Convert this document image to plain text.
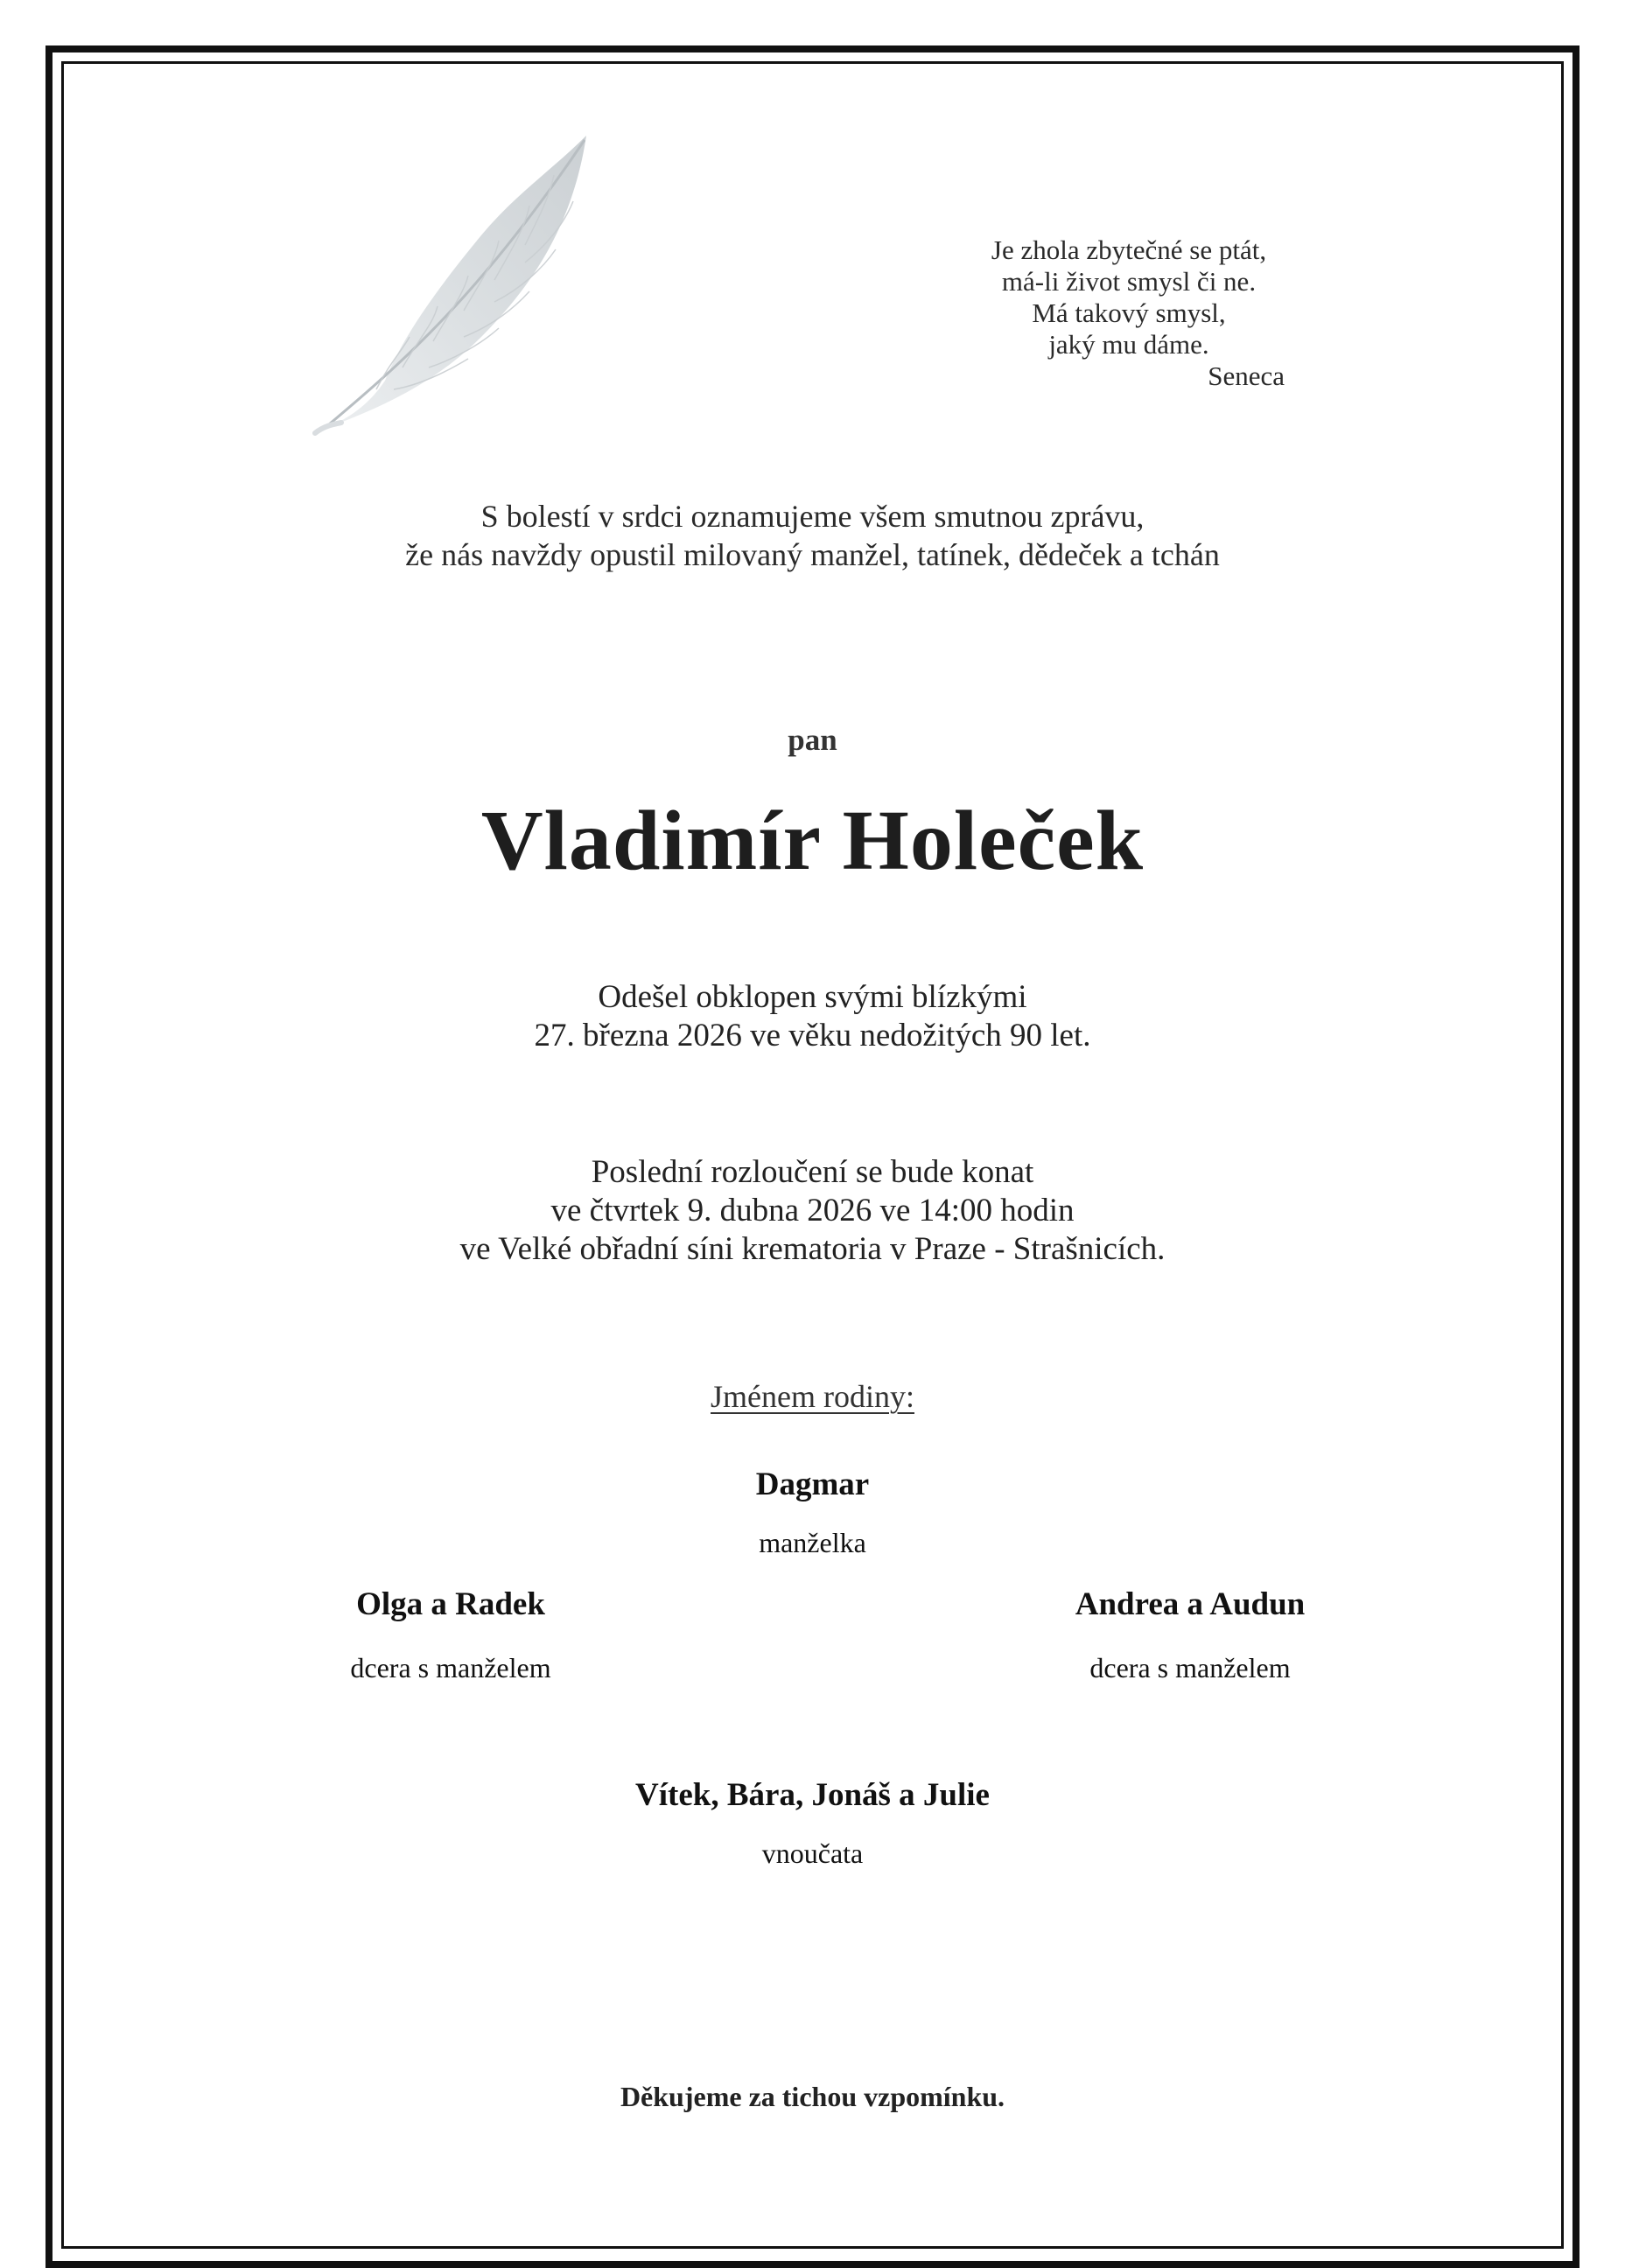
Je zhola zbytečné se ptát,
má-li život smysl či ne.
Má takový smysl,
jaký mu dáme.
Seneca
S bolestí v srdci oznamujeme všem smutnou zprávu,
že nás navždy opustil milovaný manžel, tatínek, dědeček a tchán
pan
Vladimír Holeček
Odešel obklopen svými blízkými
27. března 2026 ve věku nedožitých 90 let.
Poslední rozloučení se bude konat
ve čtvrtek 9. dubna 2026 ve 14:00 hodin
ve Velké obřadní síni krematoria v Praze - Strašnicích.
Jménem rodiny:
Dagmar
manželka
Olga a Radek
dcera s manželem
Andrea a Audun
dcera s manželem
Vítek, Bára, Jonáš a Julie
vnoučata
Děkujeme za tichou vzpomínku.
